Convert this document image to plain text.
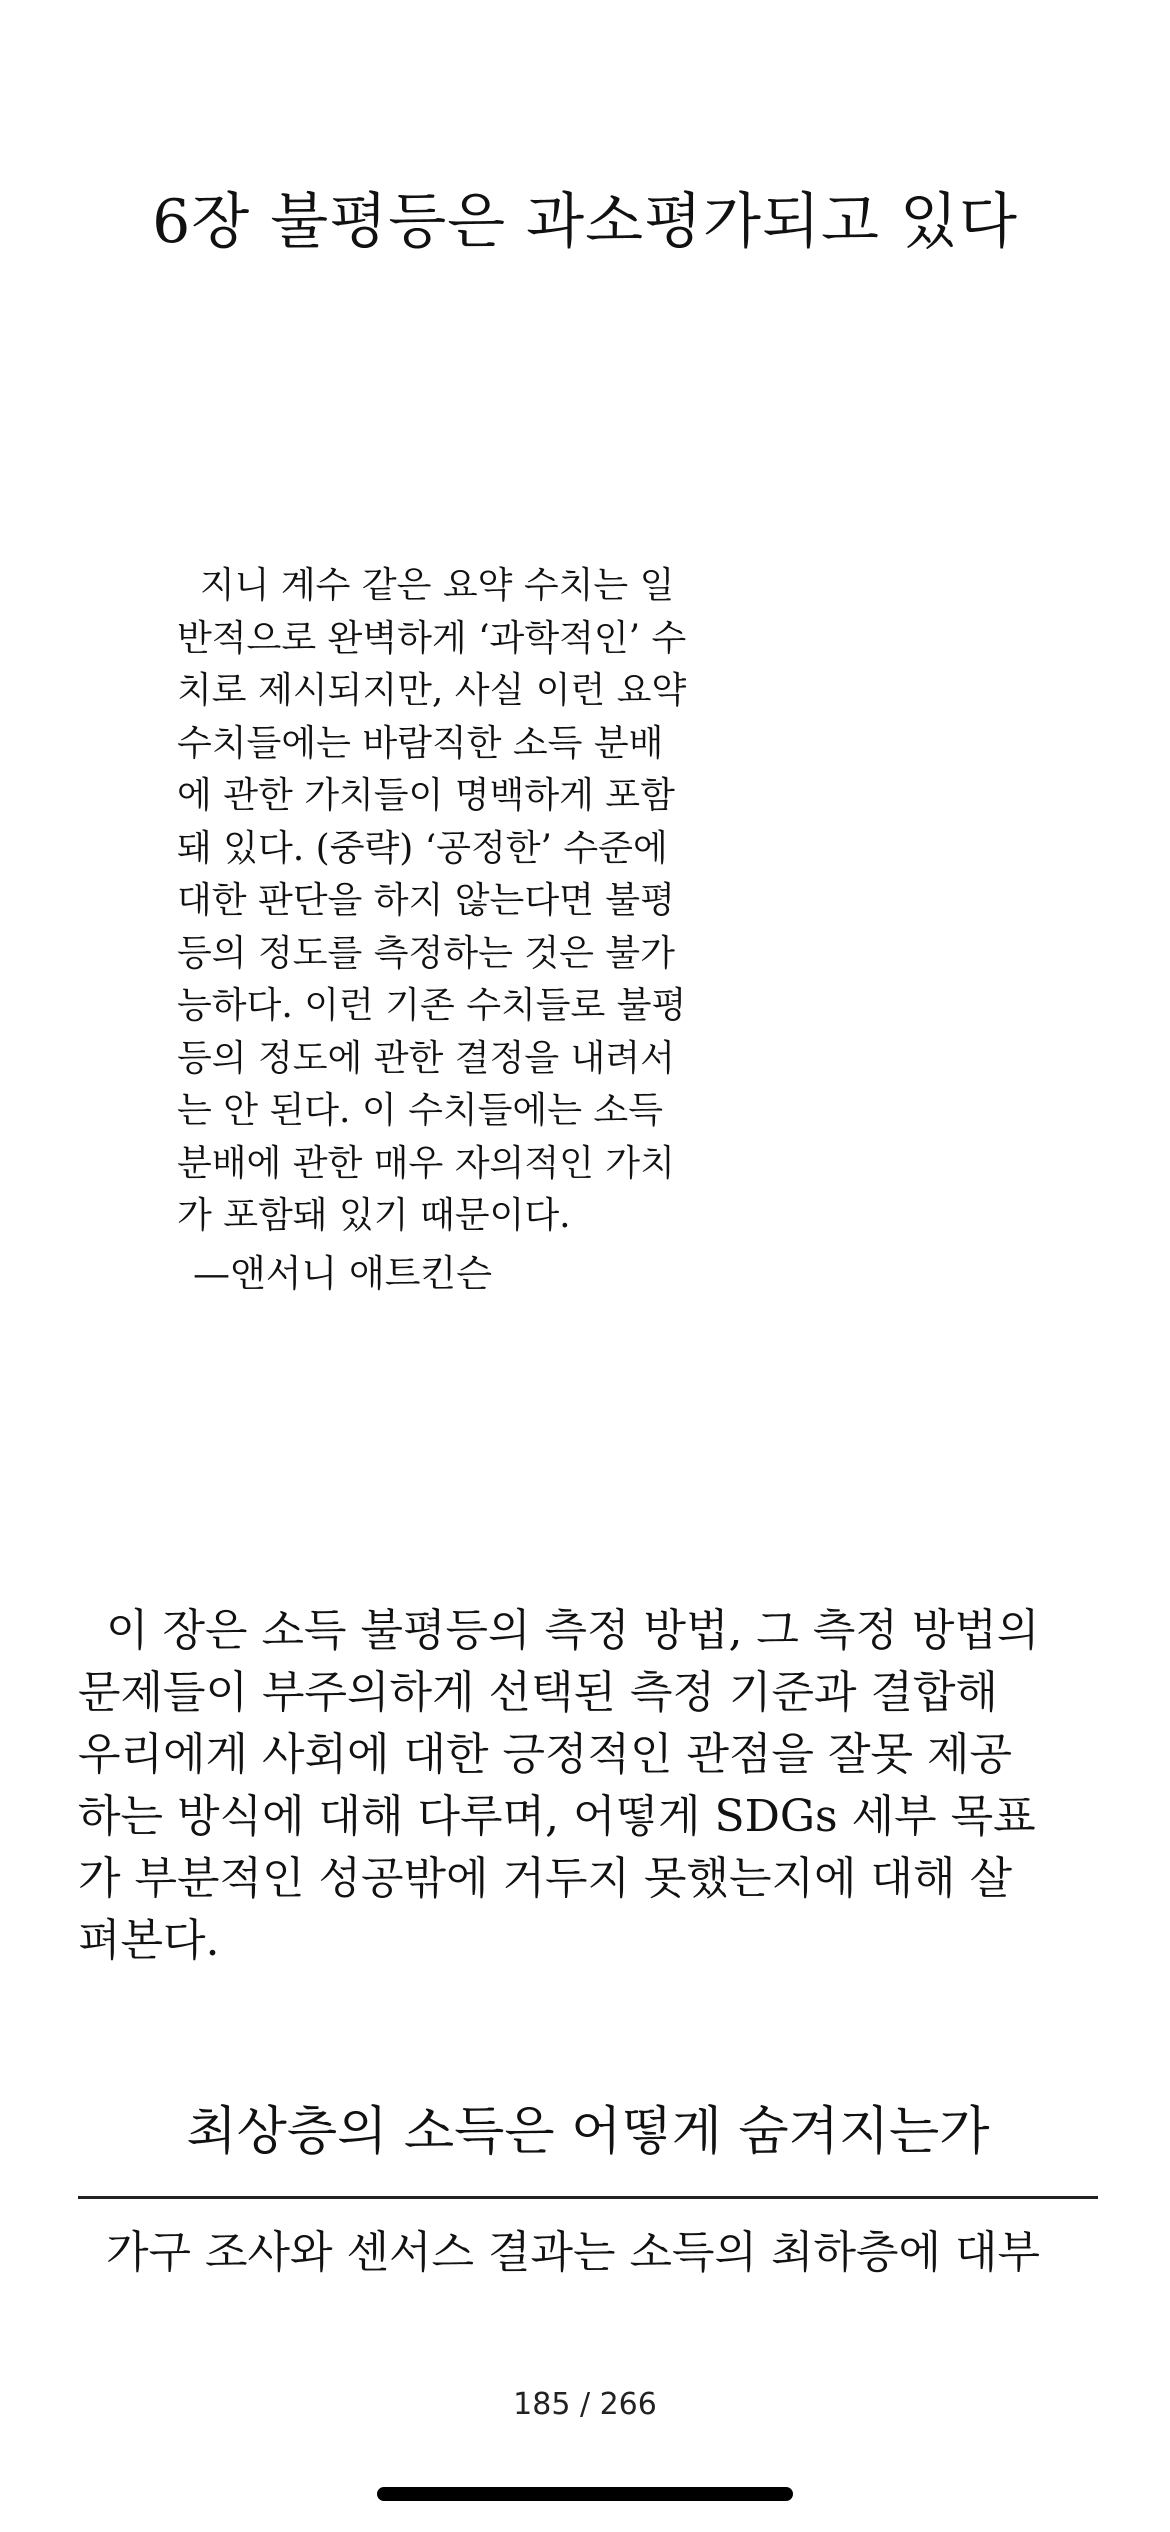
6장 불평등은 과소평가되고 있다
지니 계수 같은 요약 수치는 일
반적으로 완벽하게 ‘과학적인’ 수
치로 제시되지만, 사실 이런 요약
수치들에는 바람직한 소득 분배
에 관한 가치들이 명백하게 포함
돼 있다. (중략) ‘공정한’ 수준에
대한 판단을 하지 않는다면 불평
등의 정도를 측정하는 것은 불가
능하다. 이런 기존 수치들로 불평
등의 정도에 관한 결정을 내려서
는 안 된다. 이 수치들에는 소득
분배에 관한 매우 자의적인 가치
가 포함돼 있기 때문이다.
—앤서니 애트킨슨
이 장은 소득 불평등의 측정 방법, 그 측정 방법의
문제들이 부주의하게 선택된 측정 기준과 결합해
우리에게 사회에 대한 긍정적인 관점을 잘못 제공
하는 방식에 대해 다루며, 어떻게 SDGs 세부 목표
가 부분적인 성공밖에 거두지 못했는지에 대해 살
펴본다.
최상층의 소득은 어떻게 숨겨지는가
가구 조사와 센서스 결과는 소득의 최하층에 대부
185 / 266
